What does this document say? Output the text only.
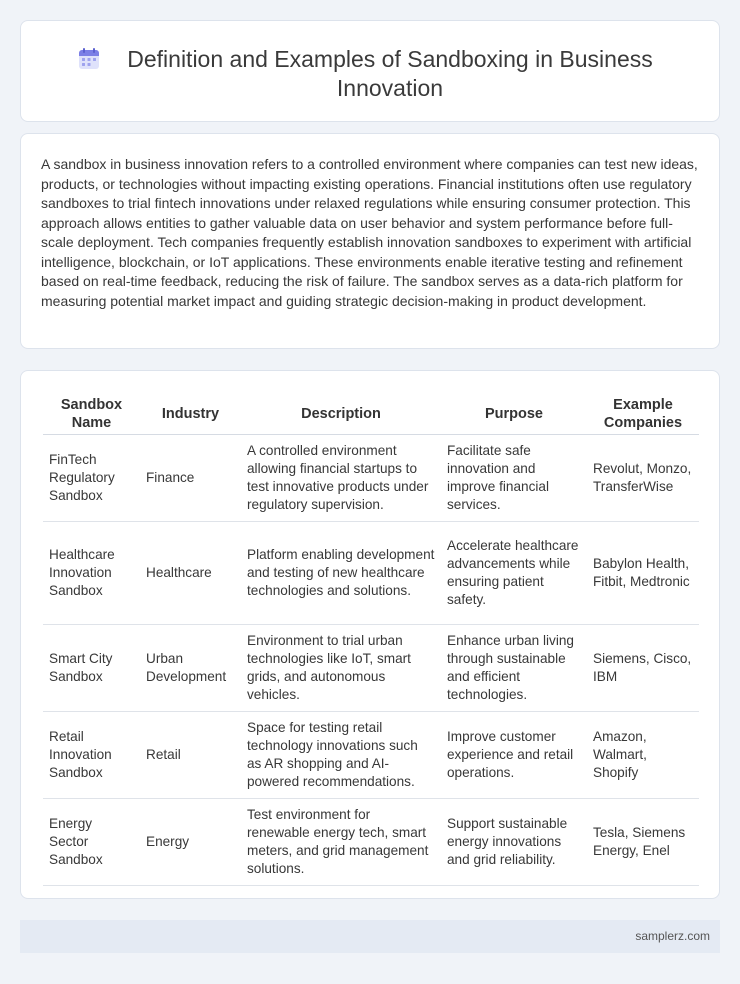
Definition and Examples of Sandboxing in Business Innovation

A sandbox in business innovation refers to a controlled environment where companies can test new ideas, products, or technologies without impacting existing operations. Financial institutions often use regulatory sandboxes to trial fintech innovations under relaxed regulations while ensuring consumer protection. This approach allows entities to gather valuable data on user behavior and system performance before full-scale deployment. Tech companies frequently establish innovation sandboxes to experiment with artificial intelligence, blockchain, or IoT applications. These environments enable iterative testing and refinement based on real-time feedback, reducing the risk of failure. The sandbox serves as a data-rich platform for measuring potential market impact and guiding strategic decision-making in product development.

Sandbox Name	Industry	Description	Purpose	Example Companies
FinTech Regulatory Sandbox	Finance	A controlled environment allowing financial startups to test innovative products under regulatory supervision.	Facilitate safe innovation and improve financial services.	Revolut, Monzo, TransferWise
Healthcare Innovation Sandbox	Healthcare	Platform enabling development and testing of new healthcare technologies and solutions.	Accelerate healthcare advancements while ensuring patient safety.	Babylon Health, Fitbit, Medtronic
Smart City Sandbox	Urban Development	Environment to trial urban technologies like IoT, smart grids, and autonomous vehicles.	Enhance urban living through sustainable and efficient technologies.	Siemens, Cisco, IBM
Retail Innovation Sandbox	Retail	Space for testing retail technology innovations such as AR shopping and AI-powered recommendations.	Improve customer experience and retail operations.	Amazon, Walmart, Shopify
Energy Sector Sandbox	Energy	Test environment for renewable energy tech, smart meters, and grid management solutions.	Support sustainable energy innovations and grid reliability.	Tesla, Siemens Energy, Enel
samplerz.com
